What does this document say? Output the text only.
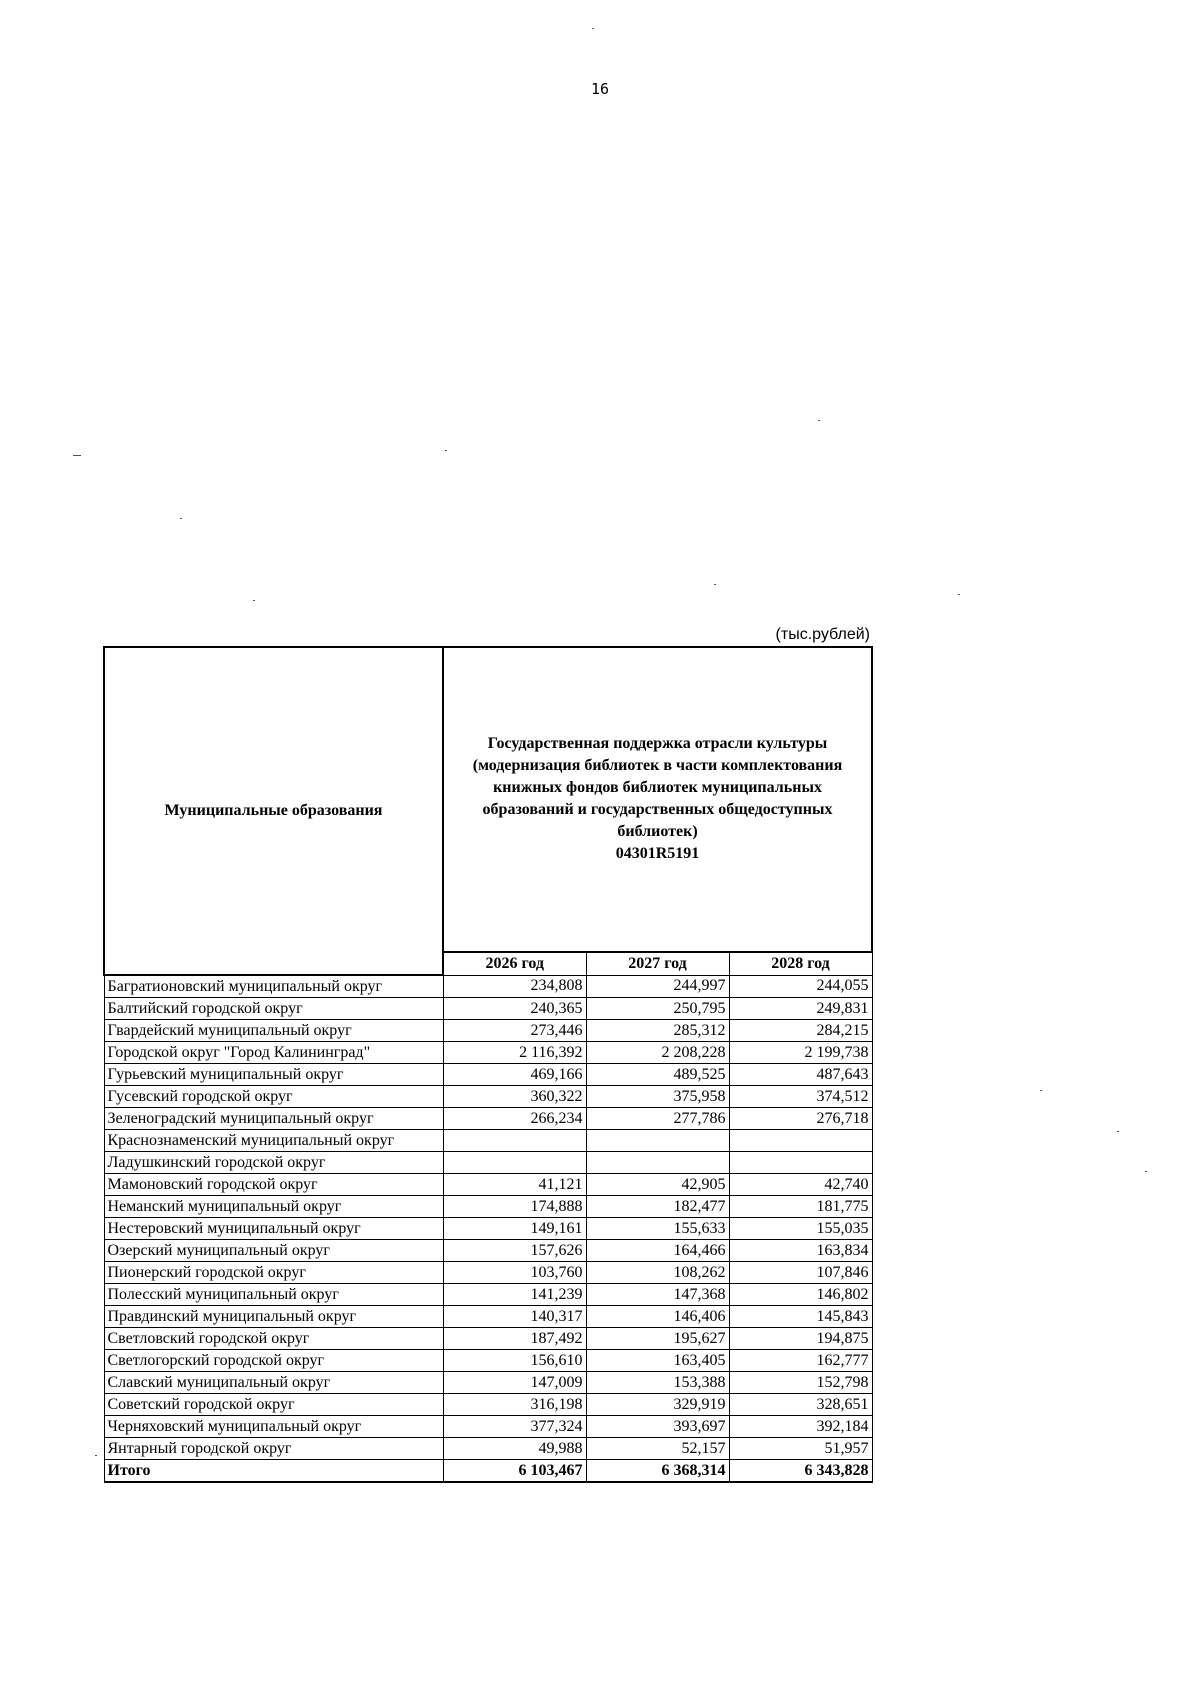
16
(тыс.рублей)
Муниципальные образования	Государственная поддержка отрасли культуры (модернизация библиотек в части комплектования книжных фондов библиотек муниципальных образований и государственных общедоступных библиотек)
04301R5191		

	2026 год	2027 год	2028 год
Багратионовский муниципальный округ	234,808	244,997	244,055
Балтийский городской округ	240,365	250,795	249,831
Гвардейский муниципальный округ	273,446	285,312	284,215
Городской округ "Город Калининград"	2 116,392	2 208,228	2 199,738
Гурьевский муниципальный округ	469,166	489,525	487,643
Гусевский городской округ	360,322	375,958	374,512
Зеленоградский муниципальный округ	266,234	277,786	276,718
Краснознаменский муниципальный округ			
Ладушкинский городской округ			
Мамоновский городской округ	41,121	42,905	42,740
Неманский муниципальный округ	174,888	182,477	181,775
Нестеровский муниципальный округ	149,161	155,633	155,035
Озерский муниципальный округ	157,626	164,466	163,834
Пионерский городской округ	103,760	108,262	107,846
Полесский муниципальный округ	141,239	147,368	146,802
Правдинский муниципальный округ	140,317	146,406	145,843
Светловский городской округ	187,492	195,627	194,875
Светлогорский городской округ	156,610	163,405	162,777
Славский муниципальный округ	147,009	153,388	152,798
Советский городской округ	316,198	329,919	328,651
Черняховский муниципальный округ	377,324	393,697	392,184
Янтарный городской округ	49,988	52,157	51,957
Итого	6 103,467	6 368,314	6 343,828
